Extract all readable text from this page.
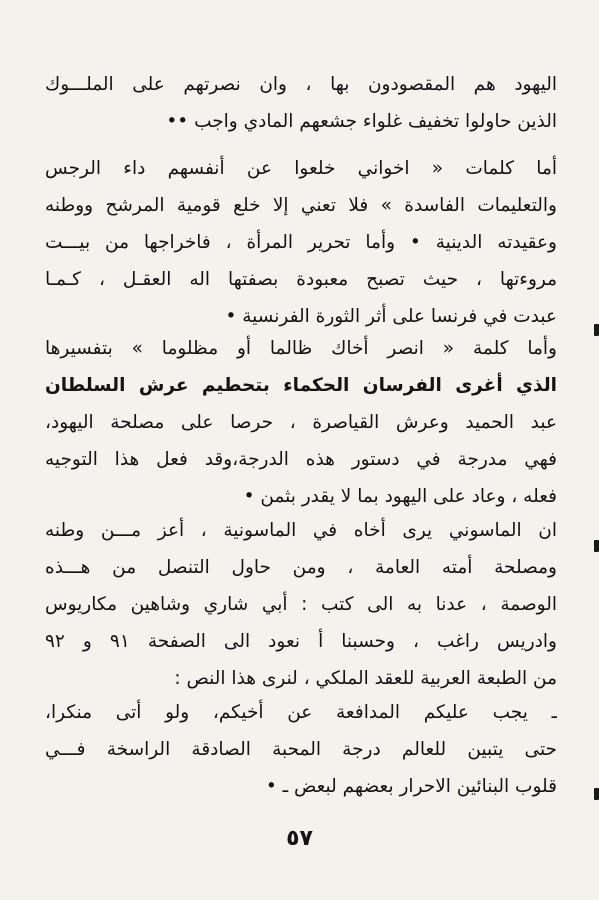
اليهود هم المقصودون بها ، وان نصرتهم على الملـــوك
الذين حاولوا تخفيف غلواء جشعهم المادي واجب ••
أما كلمات « اخواني خلعوا عن أنفسهم داء الرجس
والتعليمات الفاسدة » فلا تعني إلا خلع قومية المرشح ووطنه
وعقيدته الدينية • وأما تحرير المرأة ، فاخراجها من بيـــت
مروءتها ، حيث تصبح معبودة بصفتها اله العقـل ، كـمـا
عبدت في فرنسا على أثر الثورة الفرنسية •
وأما كلمة « انصر أخاك ظالما أو مظلوما » بتفسيرها
الذي أغرى الفرسان الحكماء بتحطيم عرش السلطان
عبد الحميد وعرش القياصرة ، حرصا على مصلحة اليهود،
فهي مدرجة في دستور هذه الدرجة،وقد فعل هذا التوجيه
فعله ، وعاد على اليهود بما لا يقدر بثمن •
ان الماسوني يرى أخاه في الماسونية ، أعز مـــن وطنه
ومصلحة أمته العامة ، ومن حاول التنصل من هـــذه
الوصمة ، عدنا به الى كتب : أبي شاري وشاهين مكاريوس
وادريس راغب ، وحسبنا أ نعود الى الصفحة ٩١ و ٩٢
من الطبعة العربية للعقد الملكي ، لنرى هذا النص :
ـ يجب عليكم المدافعة عن أخيكم، ولو أتى منكرا،
حتى يتبين للعالم درجة المحبة الصادقة الراسخة فـــي
قلوب البنائين الاحرار بعضهم لبعض ـ •
٥٧
